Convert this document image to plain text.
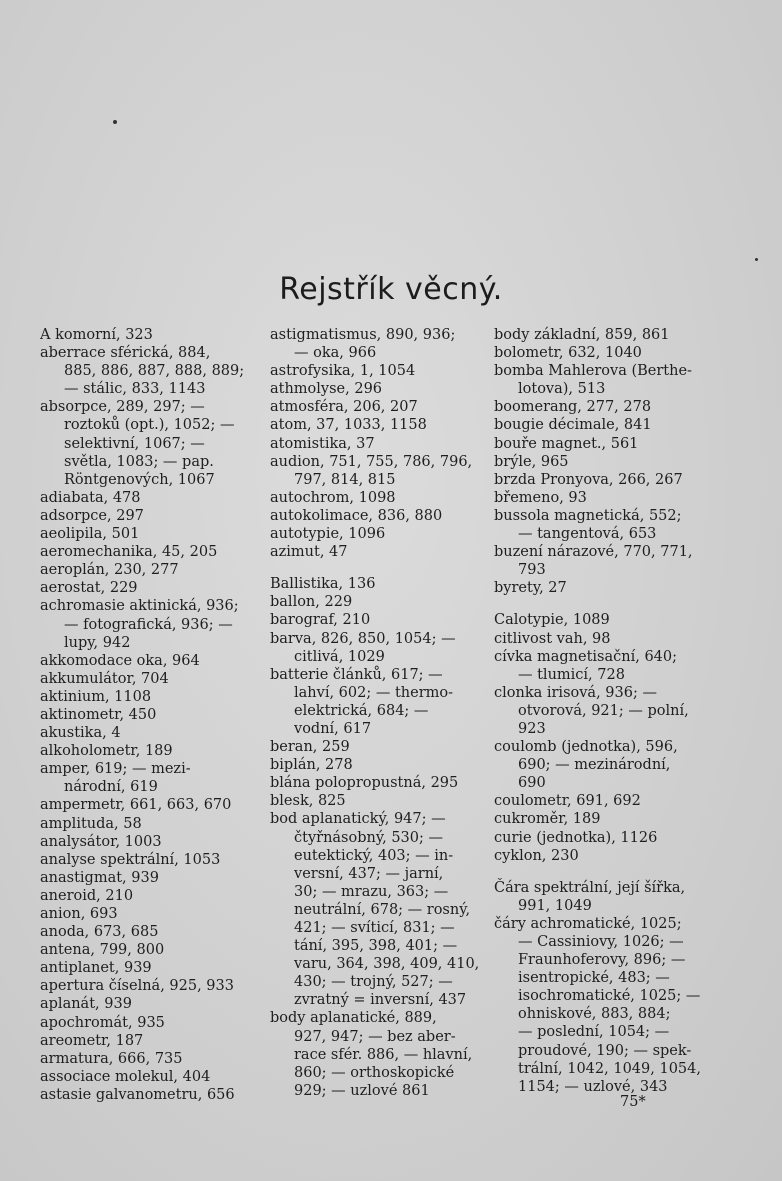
Rejstřík věcný.
A komorní, 323
aberrace sférická, 884,
885, 886, 887, 888, 889;
— stálic, 833, 1143
absorpce, 289, 297; —
roztoků (opt.), 1052; —
selektivní, 1067; —
světla, 1083; — pap.
Röntgenových, 1067
adiabata, 478
adsorpce, 297
aeolipila, 501
aeromechanika, 45, 205
aeroplán, 230, 277
aerostat, 229
achromasie aktinická, 936;
— fotografická, 936; —
lupy, 942
akkomodace oka, 964
akkumulátor, 704
aktinium, 1108
aktinometr, 450
akustika, 4
alkoholometr, 189
amper, 619; — mezi-
národní, 619
ampermetr, 661, 663, 670
amplituda, 58
analysátor, 1003
analyse spektrální, 1053
anastigmat, 939
aneroid, 210
anion, 693
anoda, 673, 685
antena, 799, 800
antiplanet, 939
apertura číselná, 925, 933
aplanát, 939
apochromát, 935
areometr, 187
armatura, 666, 735
associace molekul, 404
astasie galvanometru, 656
astigmatismus, 890, 936;
— oka, 966
astrofysika, 1, 1054
athmolyse, 296
atmosféra, 206, 207
atom, 37, 1033, 1158
atomistika, 37
audion, 751, 755, 786, 796,
797, 814, 815
autochrom, 1098
autokolimace, 836, 880
autotypie, 1096
azimut, 47
Ballistika, 136
ballon, 229
barograf, 210
barva, 826, 850, 1054; —
citlivá, 1029
batterie článků, 617; —
lahví, 602; — thermo-
elektrická, 684; —
vodní, 617
beran, 259
biplán, 278
blána polopropustná, 295
blesk, 825
bod aplanatický, 947; —
čtyřnásobný, 530; —
eutektický, 403; — in-
versní, 437; — jarní,
30; — mrazu, 363; —
neutrální, 678; — rosný,
421; — svíticí, 831; —
tání, 395, 398, 401; —
varu, 364, 398, 409, 410,
430; — trojný, 527; —
zvratný = inversní, 437
body aplanatické, 889,
927, 947; — bez aber-
race sfér. 886, — hlavní,
860; — orthoskopické
929; — uzlové 861
body základní, 859, 861
bolometr, 632, 1040
bomba Mahlerova (Berthe-
lotova), 513
boomerang, 277, 278
bougie décimale, 841
bouře magnet., 561
brýle, 965
brzda Pronyova, 266, 267
břemeno, 93
bussola magnetická, 552;
— tangentová, 653
buzení nárazové, 770, 771,
793
byrety, 27
Calotypie, 1089
citlivost vah, 98
cívka magnetisační, 640;
— tlumicí, 728
clonka irisová, 936; —
otvorová, 921; — polní,
923
coulomb (jednotka), 596,
690; — mezinárodní,
690
coulometr, 691, 692
cukroměr, 189
curie (jednotka), 1126
cyklon, 230
Čára spektrální, její šířka,
991, 1049
čáry achromatické, 1025;
— Cassiniovy, 1026; —
Fraunhoferovy, 896; —
isentropické, 483; —
isochromatické, 1025; —
ohniskové, 883, 884;
— poslední, 1054; —
proudové, 190; — spek-
trální, 1042, 1049, 1054,
1154; — uzlové, 343
75*
